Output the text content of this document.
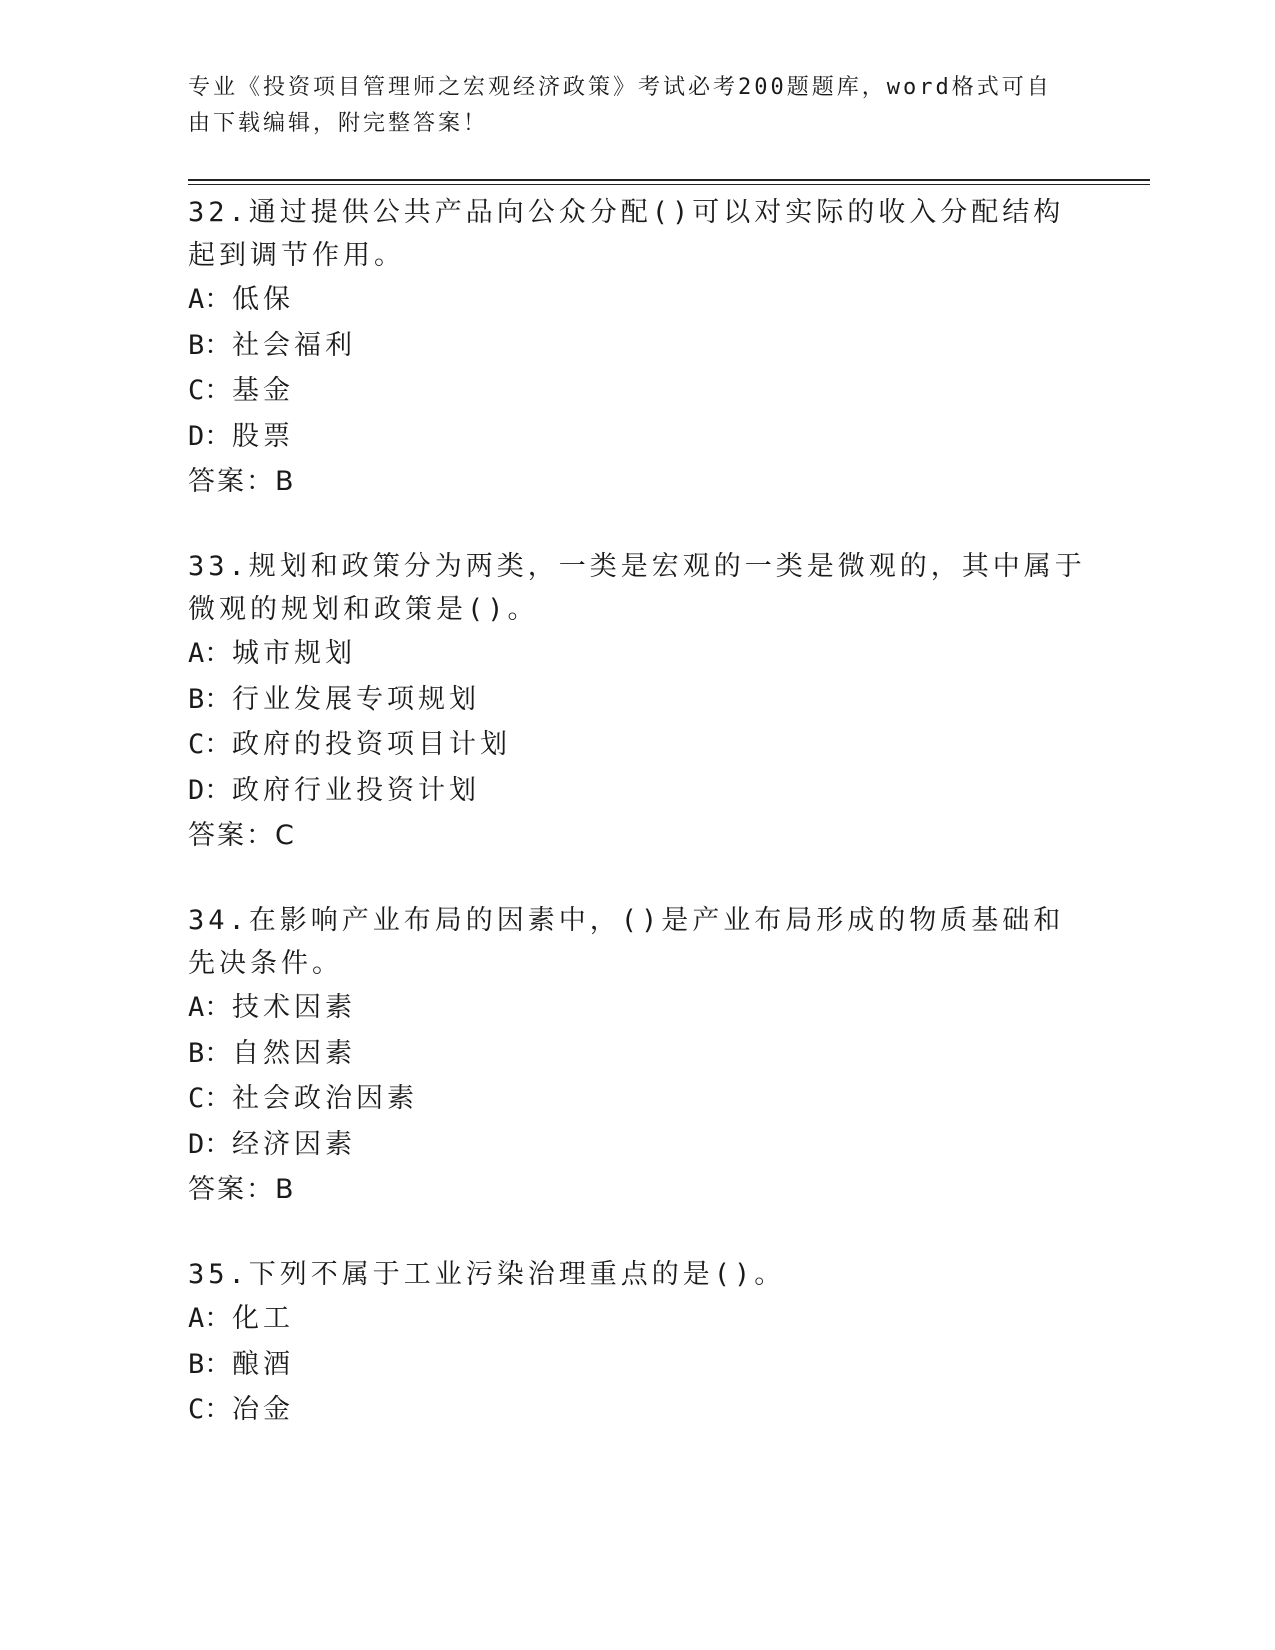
专业《投资项目管理师之宏观经济政策》考试必考200题题库，word格式可自由下载编辑，附完整答案！

32.通过提供公共产品向公众分配()可以对实际的收入分配结构起到调节作用。

A：低保

B：社会福利

C：基金

D：股票

答案：B

33.规划和政策分为两类，一类是宏观的一类是微观的，其中属于微观的规划和政策是()。

A：城市规划

B：行业发展专项规划

C：政府的投资项目计划

D：政府行业投资计划

答案：C

34.在影响产业布局的因素中，()是产业布局形成的物质基础和先决条件。

A：技术因素

B：自然因素

C：社会政治因素

D：经济因素

答案：B

35.下列不属于工业污染治理重点的是()。

A：化工

B：酿酒

C：冶金
